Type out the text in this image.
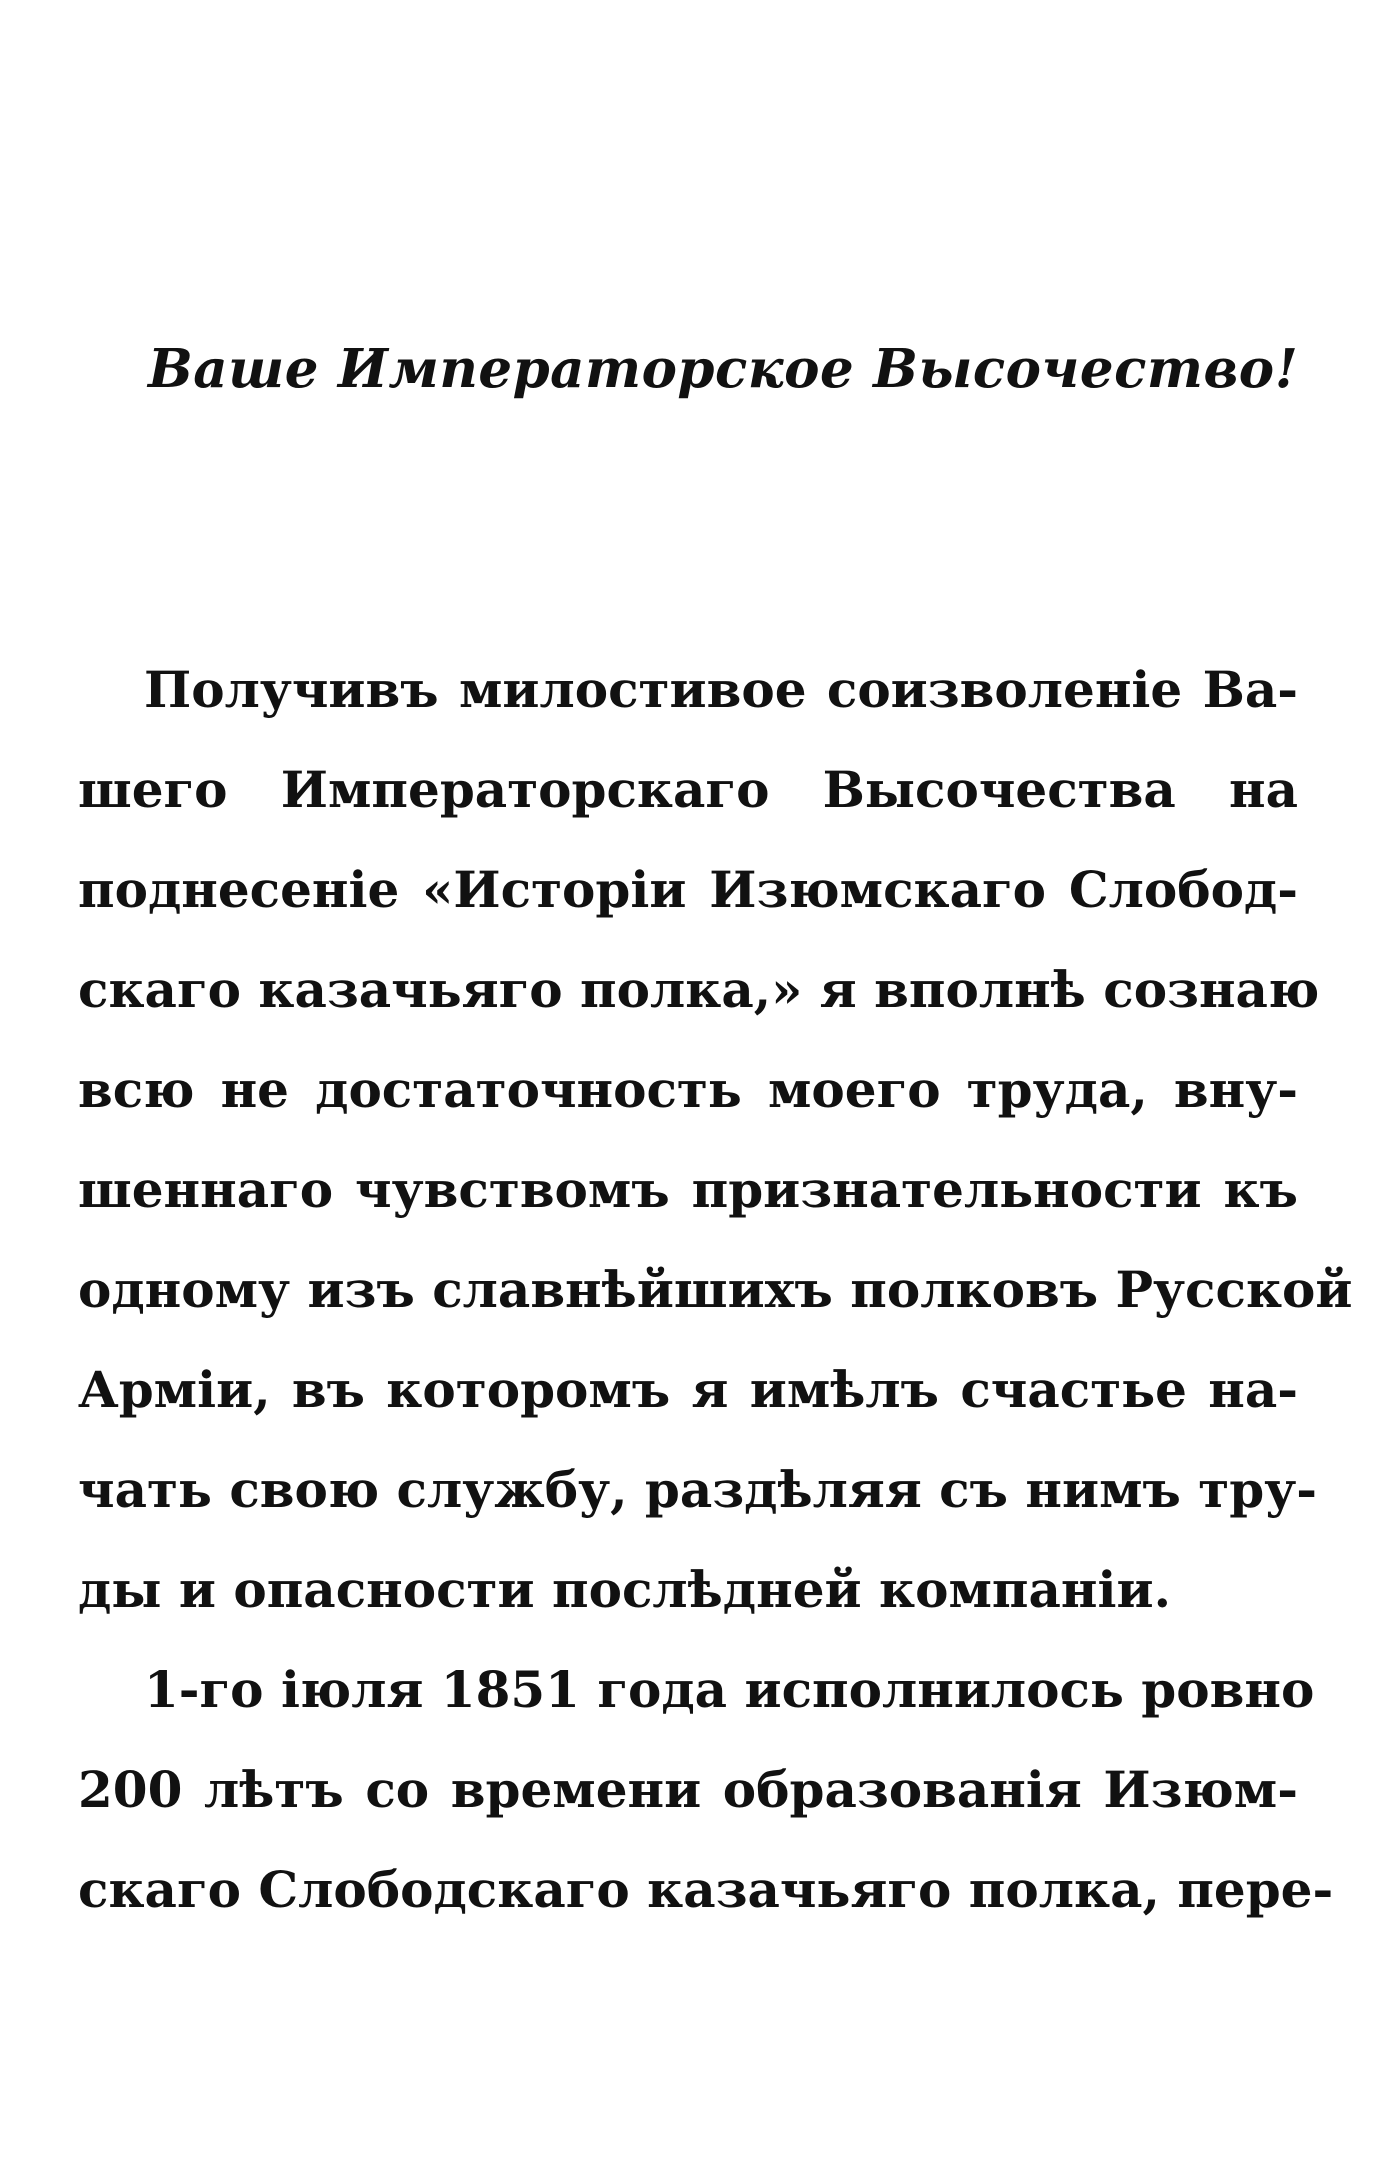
Ваше Императорское Высочество!
Получивъ милостивое соизволеніе Ва-
шего Императорскаго Высочества на
поднесеніе «Исторіи Изюмскаго Слобод-
скаго казачьяго полка,» я вполнѣ сознаю
всю не достаточность моего труда, вну-
шеннаго чувствомъ признательности къ
одному изъ славнѣйшихъ полковъ Русской
Арміи, въ которомъ я имѣлъ счастье на-
чать свою службу, раздѣляя съ нимъ тру-
ды и опасности послѣдней компаніи.
1-го іюля 1851 года исполнилось ровно
200 лѣтъ со времени образованія Изюм-
скаго Слободскаго казачьяго полка, пере-
